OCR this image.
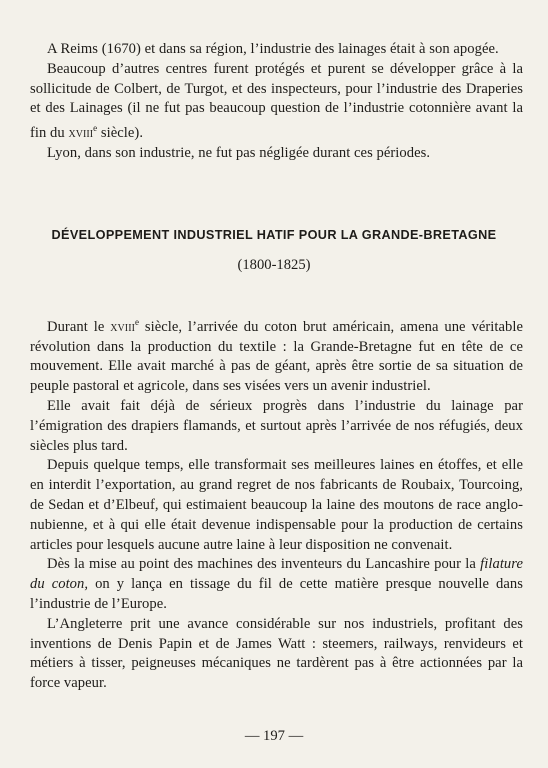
A Reims (1670) et dans sa région, l’industrie des lainages était à son apogée.

Beaucoup d’autres centres furent protégés et purent se développer grâce à la sollicitude de Colbert, de Turgot, et des inspecteurs, pour l’industrie des Draperies et des Lainages (il ne fut pas beaucoup question de l’industrie cotonnière avant la fin du xviii$^e$ siècle).

Lyon, dans son industrie, ne fut pas négligée durant ces périodes.

DÉVELOPPEMENT INDUSTRIEL HATIF POUR LA GRANDE-BRETAGNE
(1800-1825)

Durant le xviii$^e$ siècle, l’arrivée du coton brut américain, amena une véritable révolution dans la production du textile : la Grande-Bretagne fut en tête de ce mouvement. Elle avait marché à pas de géant, après être sortie de sa situation de peuple pastoral et agricole, dans ses visées vers un avenir industriel.

Elle avait fait déjà de sérieux progrès dans l’industrie du lainage par l’émigration des drapiers flamands, et surtout après l’arrivée de nos réfugiés, deux siècles plus tard.

Depuis quelque temps, elle transformait ses meilleures laines en étoffes, et elle en interdit l’exportation, au grand regret de nos fabricants de Roubaix, Tourcoing, de Sedan et d’Elbeuf, qui estimaient beaucoup la laine des moutons de race anglo-nubienne, et à qui elle était devenue indispensable pour la production de certains articles pour lesquels aucune autre laine à leur disposition ne convenait.

Dès la mise au point des machines des inventeurs du Lancashire pour la filature du coton, on y lança en tissage du fil de cette matière presque nouvelle dans l’industrie de l’Europe.

L’Angleterre prit une avance considérable sur nos industriels, profitant des inventions de Denis Papin et de James Watt : steemers, railways, renvideurs et métiers à tisser, peigneuses mécaniques ne tardèrent pas à être actionnées par la force vapeur.

— 197 —
